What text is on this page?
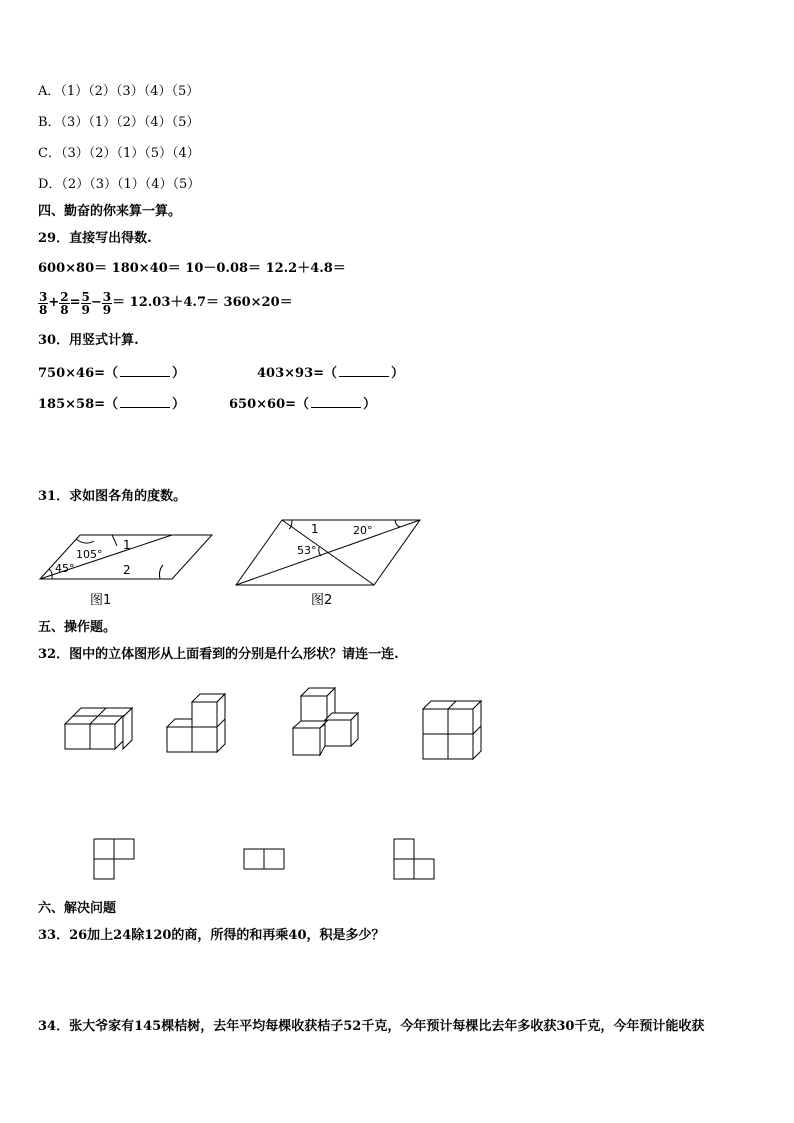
A．（1）（2）（3）（4）（5）
B．（3）（1）（2）（4）（5）
C．（3）（2）（1）（5）（4）
D．（2）（3）（1）（4）（5）
四、勤奋的你来算一算。
29．直接写出得数.
600×80＝ 180×40＝ 10－0.08＝ 12.2＋4.8＝
$\frac{3}{8} + \frac{2}{8} = \frac{5}{9} - \frac{3}{9} = 12.03+4.7= 360\times 20=$
30．用竖式计算.
750×46=（	）	403×93=（	）
185×58=（	）	650×60=（	）
31．求如图各角的度数。
105°
45°
1
2
图1
1	20°
53°
图2
五、操作题。
32．图中的立体图形从上面看到的分别是什么形状？请连一连.
六、解决问题
33．26加上24除120的商，所得的和再乘40，积是多少？
34．张大爷家有145棵桔树，去年平均每棵收获桔子52千克，今年预计每棵比去年多收获30千克，今年预计能收获
